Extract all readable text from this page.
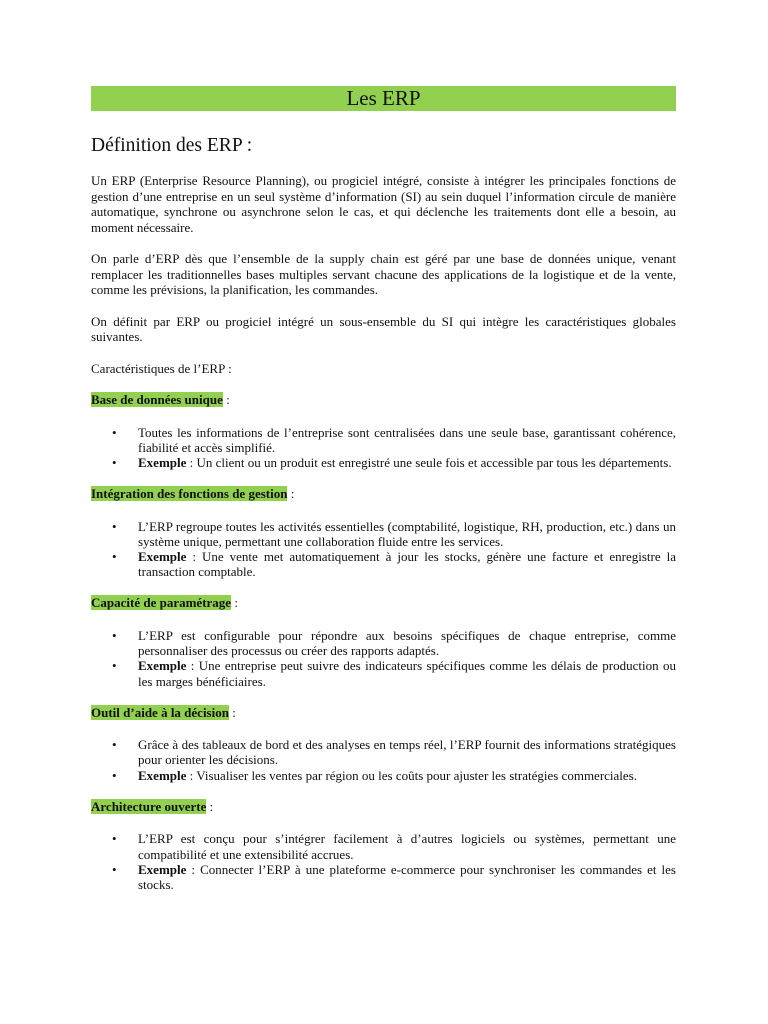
Les ERP
Définition des ERP :

Un ERP (Enterprise Resource Planning), ou progiciel intégré, consiste à intégrer les principales fonctions de gestion d’une entreprise en un seul système d’information (SI) au sein duquel l’information circule de manière automatique, synchrone ou asynchrone selon le cas, et qui déclenche les traitements dont elle a besoin, au moment nécessaire.

On parle d’ERP dès que l’ensemble de la supply chain est géré par une base de données unique, venant remplacer les traditionnelles bases multiples servant chacune des applications de la logistique et de la vente, comme les prévisions, la planification, les commandes.

On définit par ERP ou progiciel intégré un sous-ensemble du SI qui intègre les caractéristiques globales suivantes.

Caractéristiques de l’ERP :

Base de données unique :
• Toutes les informations de l’entreprise sont centralisées dans une seule base, garantissant cohérence, fiabilité et accès simplifié.
• Exemple : Un client ou un produit est enregistré une seule fois et accessible par tous les départements.
Intégration des fonctions de gestion :
• L’ERP regroupe toutes les activités essentielles (comptabilité, logistique, RH, production, etc.) dans un système unique, permettant une collaboration fluide entre les services.
• Exemple : Une vente met automatiquement à jour les stocks, génère une facture et enregistre la transaction comptable.
Capacité de paramétrage :
• L’ERP est configurable pour répondre aux besoins spécifiques de chaque entreprise, comme personnaliser des processus ou créer des rapports adaptés.
• Exemple : Une entreprise peut suivre des indicateurs spécifiques comme les délais de production ou les marges bénéficiaires.
Outil d’aide à la décision :
• Grâce à des tableaux de bord et des analyses en temps réel, l’ERP fournit des informations stratégiques pour orienter les décisions.
• Exemple : Visualiser les ventes par région ou les coûts pour ajuster les stratégies commerciales.
Architecture ouverte :
• L’ERP est conçu pour s’intégrer facilement à d’autres logiciels ou systèmes, permettant une compatibilité et une extensibilité accrues.
• Exemple : Connecter l’ERP à une plateforme e-commerce pour synchroniser les commandes et les stocks.
